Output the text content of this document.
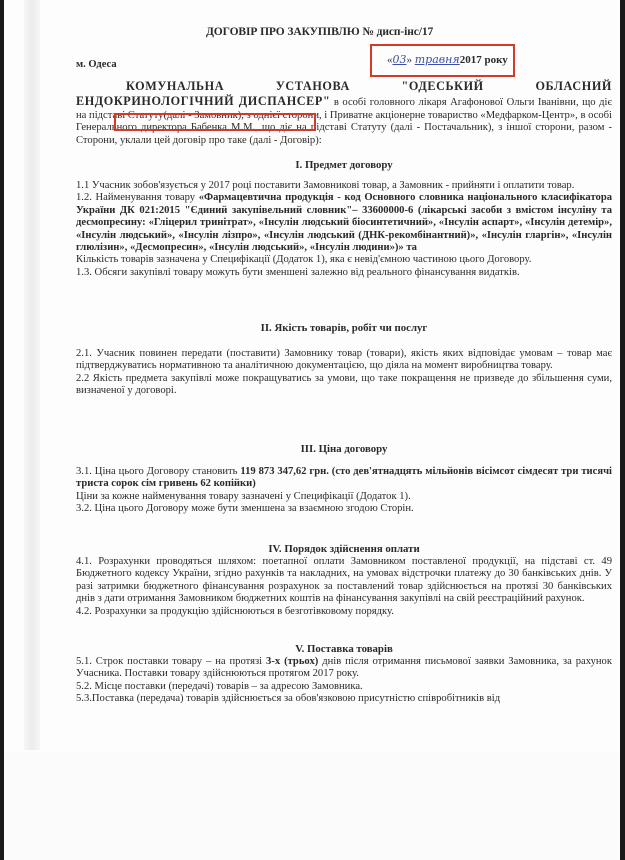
ДОГОВІР ПРО ЗАКУПІВЛЮ № дисп-інс/17
м. Одеса	«03» травня2017 року
КОМУНАЛЬНА УСТАНОВА "ОДЕСЬКИЙ ОБЛАСНИЙ ЕНДОКРИНОЛОГІЧНИЙ ДИСПАНСЕР" в особі головного лікаря Агафонової Ольги Іванівни, що діє на підставі Статуту(далі - Замовник), з однієї сторони, і Приватне акціонерне товариство «Медфарком-Центр», в особі Генерального директора Бабенка М.М., що діє на підставі Статуту (далі - Постачальник), з іншої сторони, разом - Сторони, уклали цей договір про таке (далі - Договір):
I. Предмет договору

1.1 Учасник зобов'язується у 2017 році поставити Замовникові товар, а Замовник - прийняти і оплатити товар.

1.2. Найменування товару «Фармацевтична продукція - код Основного словника національного класифікатора України ДК 021:2015 "Єдиний закупівельний словник"– 33600000-6 (лікарські засоби з вмістом інсуліну та десмопресину: «Гліцерил тринітрат», «Інсулін людський біосинтетичний», «Інсулін аспарт», «Інсулін детемір», «Інсулін людський», «Інсулін лізпро», «Інсулін людський (ДНК-рекомбінантний)», «Інсулін гларгін», «Інсулін глюлізин», «Десмопресин», «Інсулін людський», «Інсулін людини»)» та

Кількість товарів зазначена у Специфікації (Додаток 1), яка є невід'ємною частиною цього Договору.

1.3. Обсяги закупівлі товару можуть бути зменшені залежно від реального фінансування видатків.

II. Якість товарів, робіт чи послуг

2.1. Учасник повинен передати (поставити) Замовнику товар (товари), якість яких відповідає умовам – товар має підтверджуватись нормативною та аналітичною документацією, що діяла на момент виробництва товару.

2.2 Якість предмета закупівлі може покращуватись за умови, що таке покращення не призведе до збільшення суми, визначеної у договорі.

III. Ціна договору

3.1. Ціна цього Договору становить 119 873 347,62 грн. (сто дев'ятнадцять мільйонів вісімсот сімдесят три тисячі триста сорок сім гривень 62 копійки)

Ціни за кожне найменування товару зазначені у Специфікації (Додаток 1).

3.2. Ціна цього Договору може бути зменшена за взаємною згодою Сторін.

IV. Порядок здійснення оплати

4.1. Розрахунки проводяться шляхом: поетапної оплати Замовником поставленої продукції, на підставі ст. 49 Бюджетного кодексу України, згідно рахунків та накладних, на умовах відстрочки платежу до 30 банківських днів. У разі затримки бюджетного фінансування розрахунок за поставлений товар здійснюється на протязі 30 банківських днів з дати отримання Замовником бюджетних коштів на фінансування закупівлі на свій реєстраційний рахунок.

4.2. Розрахунки за продукцію здійснюються в безготівковому порядку.

V. Поставка товарів

5.1. Строк поставки товару – на протязі 3-х (трьох) днів після отримання письмової заявки Замовника, за рахунок Учасника. Поставки товару здійснюються протягом 2017 року.

5.2. Місце поставки (передачі) товарів – за адресою Замовника.

5.3.Поставка (передача) товарів здійснюється за обов'язковою присутністю співробітників від
